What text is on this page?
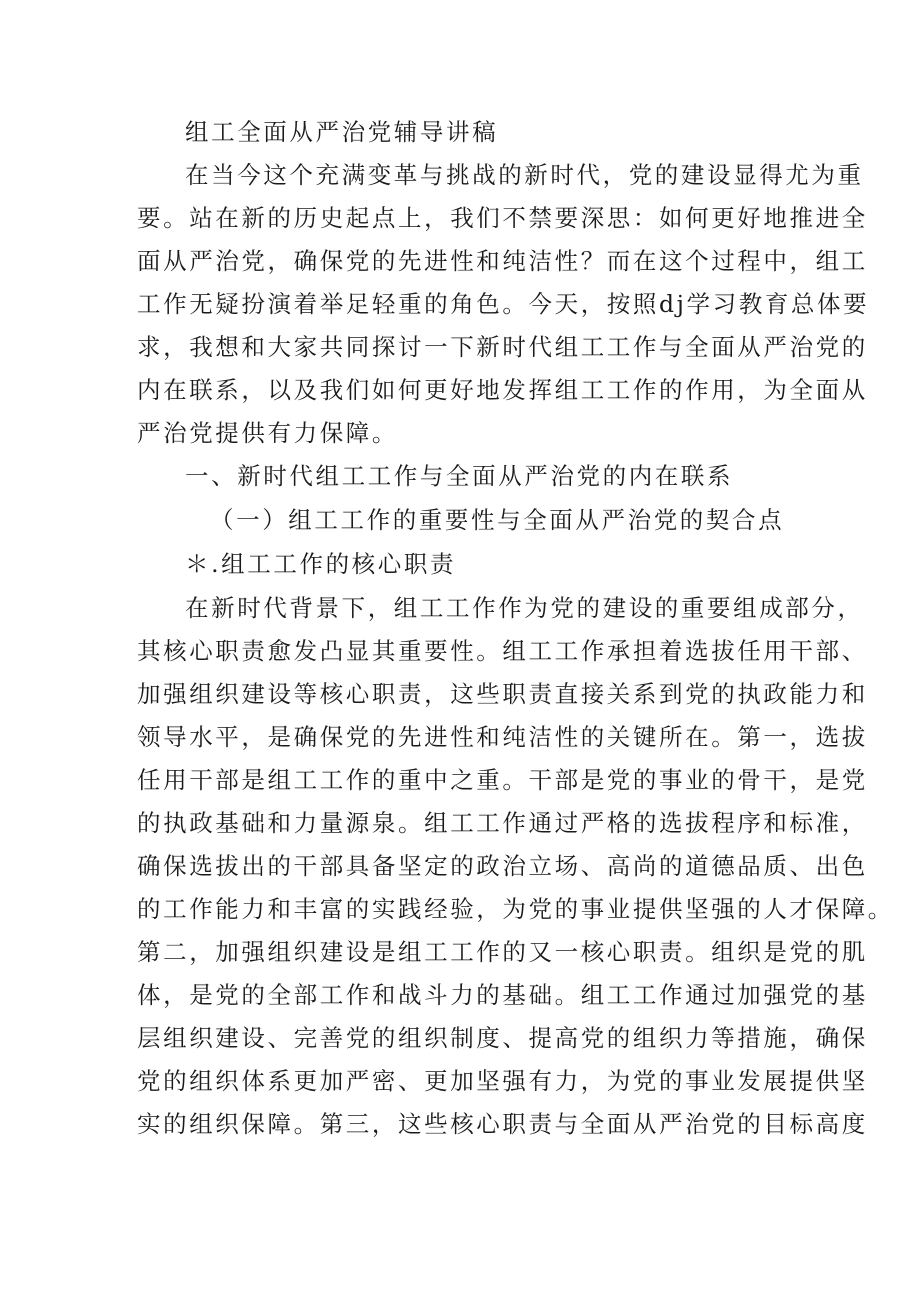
组工全面从严治党辅导讲稿
在当今这个充满变革与挑战的新时代，党的建设显得尤为重
要。站在新的历史起点上，我们不禁要深思：如何更好地推进全
面从严治党，确保党的先进性和纯洁性？而在这个过程中，组工
工作无疑扮演着举足轻重的角色。今天，按照dj学习教育总体要
求，我想和大家共同探讨一下新时代组工工作与全面从严治党的
内在联系，以及我们如何更好地发挥组工工作的作用，为全面从
严治党提供有力保障。
一、新时代组工工作与全面从严治党的内在联系
（一）组工工作的重要性与全面从严治党的契合点
＊.组工工作的核心职责
在新时代背景下，组工工作作为党的建设的重要组成部分，
其核心职责愈发凸显其重要性。组工工作承担着选拔任用干部、
加强组织建设等核心职责，这些职责直接关系到党的执政能力和
领导水平，是确保党的先进性和纯洁性的关键所在。第一，选拔
任用干部是组工工作的重中之重。干部是党的事业的骨干，是党
的执政基础和力量源泉。组工工作通过严格的选拔程序和标准，
确保选拔出的干部具备坚定的政治立场、高尚的道德品质、出色
的工作能力和丰富的实践经验，为党的事业提供坚强的人才保障。
第二，加强组织建设是组工工作的又一核心职责。组织是党的肌
体，是党的全部工作和战斗力的基础。组工工作通过加强党的基
层组织建设、完善党的组织制度、提高党的组织力等措施，确保
党的组织体系更加严密、更加坚强有力，为党的事业发展提供坚
实的组织保障。第三，这些核心职责与全面从严治党的目标高度
